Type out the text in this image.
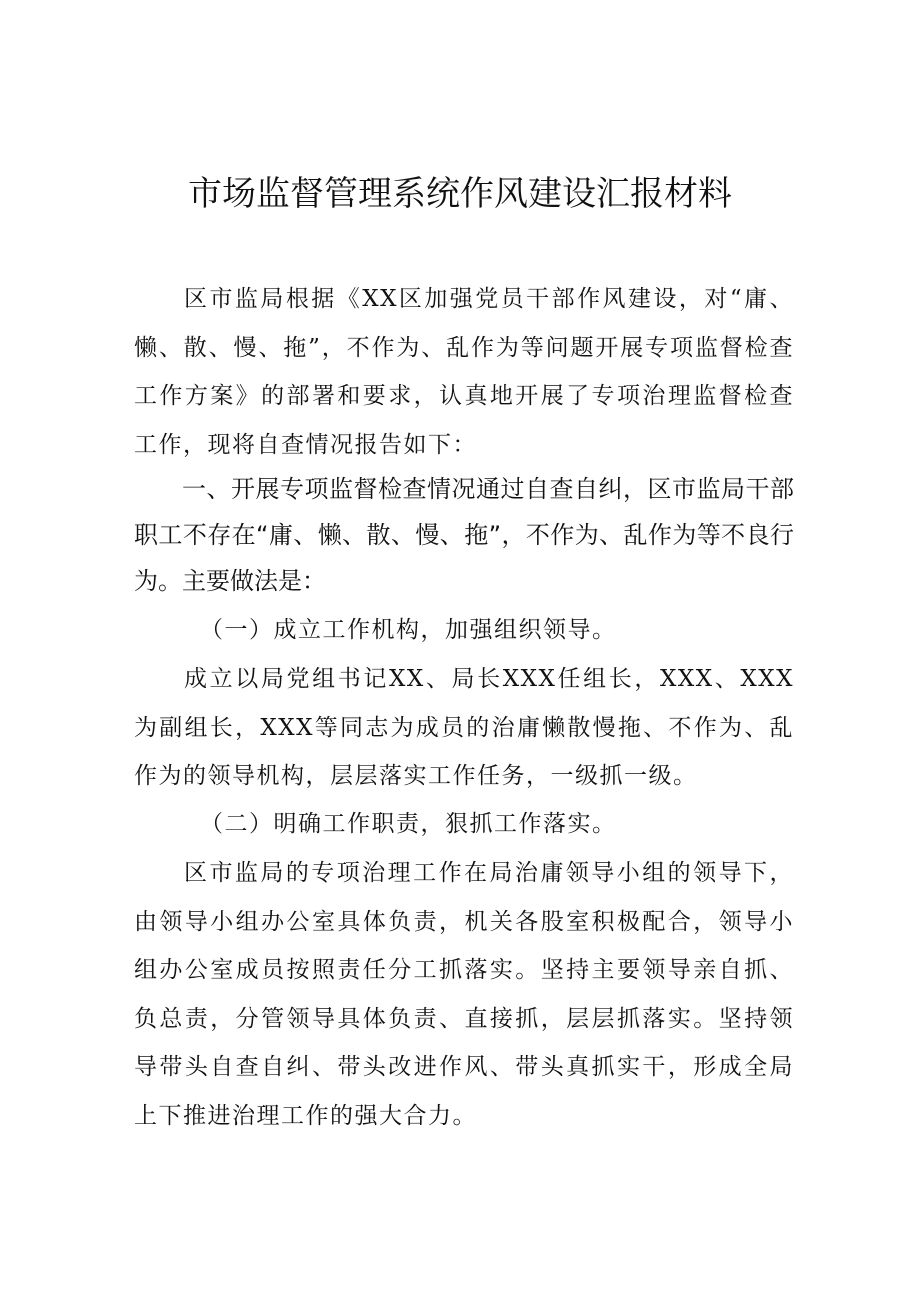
市场监督管理系统作风建设汇报材料

区市监局根据《XX区加强党员干部作风建设，对“庸、懒、散、慢、拖”，不作为、乱作为等问题开展专项监督检查工作方案》的部署和要求，认真地开展了专项治理监督检查工作，现将自查情况报告如下：

一、开展专项监督检查情况通过自查自纠，区市监局干部职工不存在“庸、懒、散、慢、拖”，不作为、乱作为等不良行为。主要做法是：

（一）成立工作机构，加强组织领导。

成立以局党组书记XX、局长XXX任组长，XXX、XXX为副组长，XXX等同志为成员的治庸懒散慢拖、不作为、乱作为的领导机构，层层落实工作任务，一级抓一级。

（二）明确工作职责，狠抓工作落实。

区市监局的专项治理工作在局治庸领导小组的领导下，由领导小组办公室具体负责，机关各股室积极配合，领导小组办公室成员按照责任分工抓落实。坚持主要领导亲自抓、负总责，分管领导具体负责、直接抓，层层抓落实。坚持领导带头自查自纠、带头改进作风、带头真抓实干，形成全局上下推进治理工作的强大合力。
